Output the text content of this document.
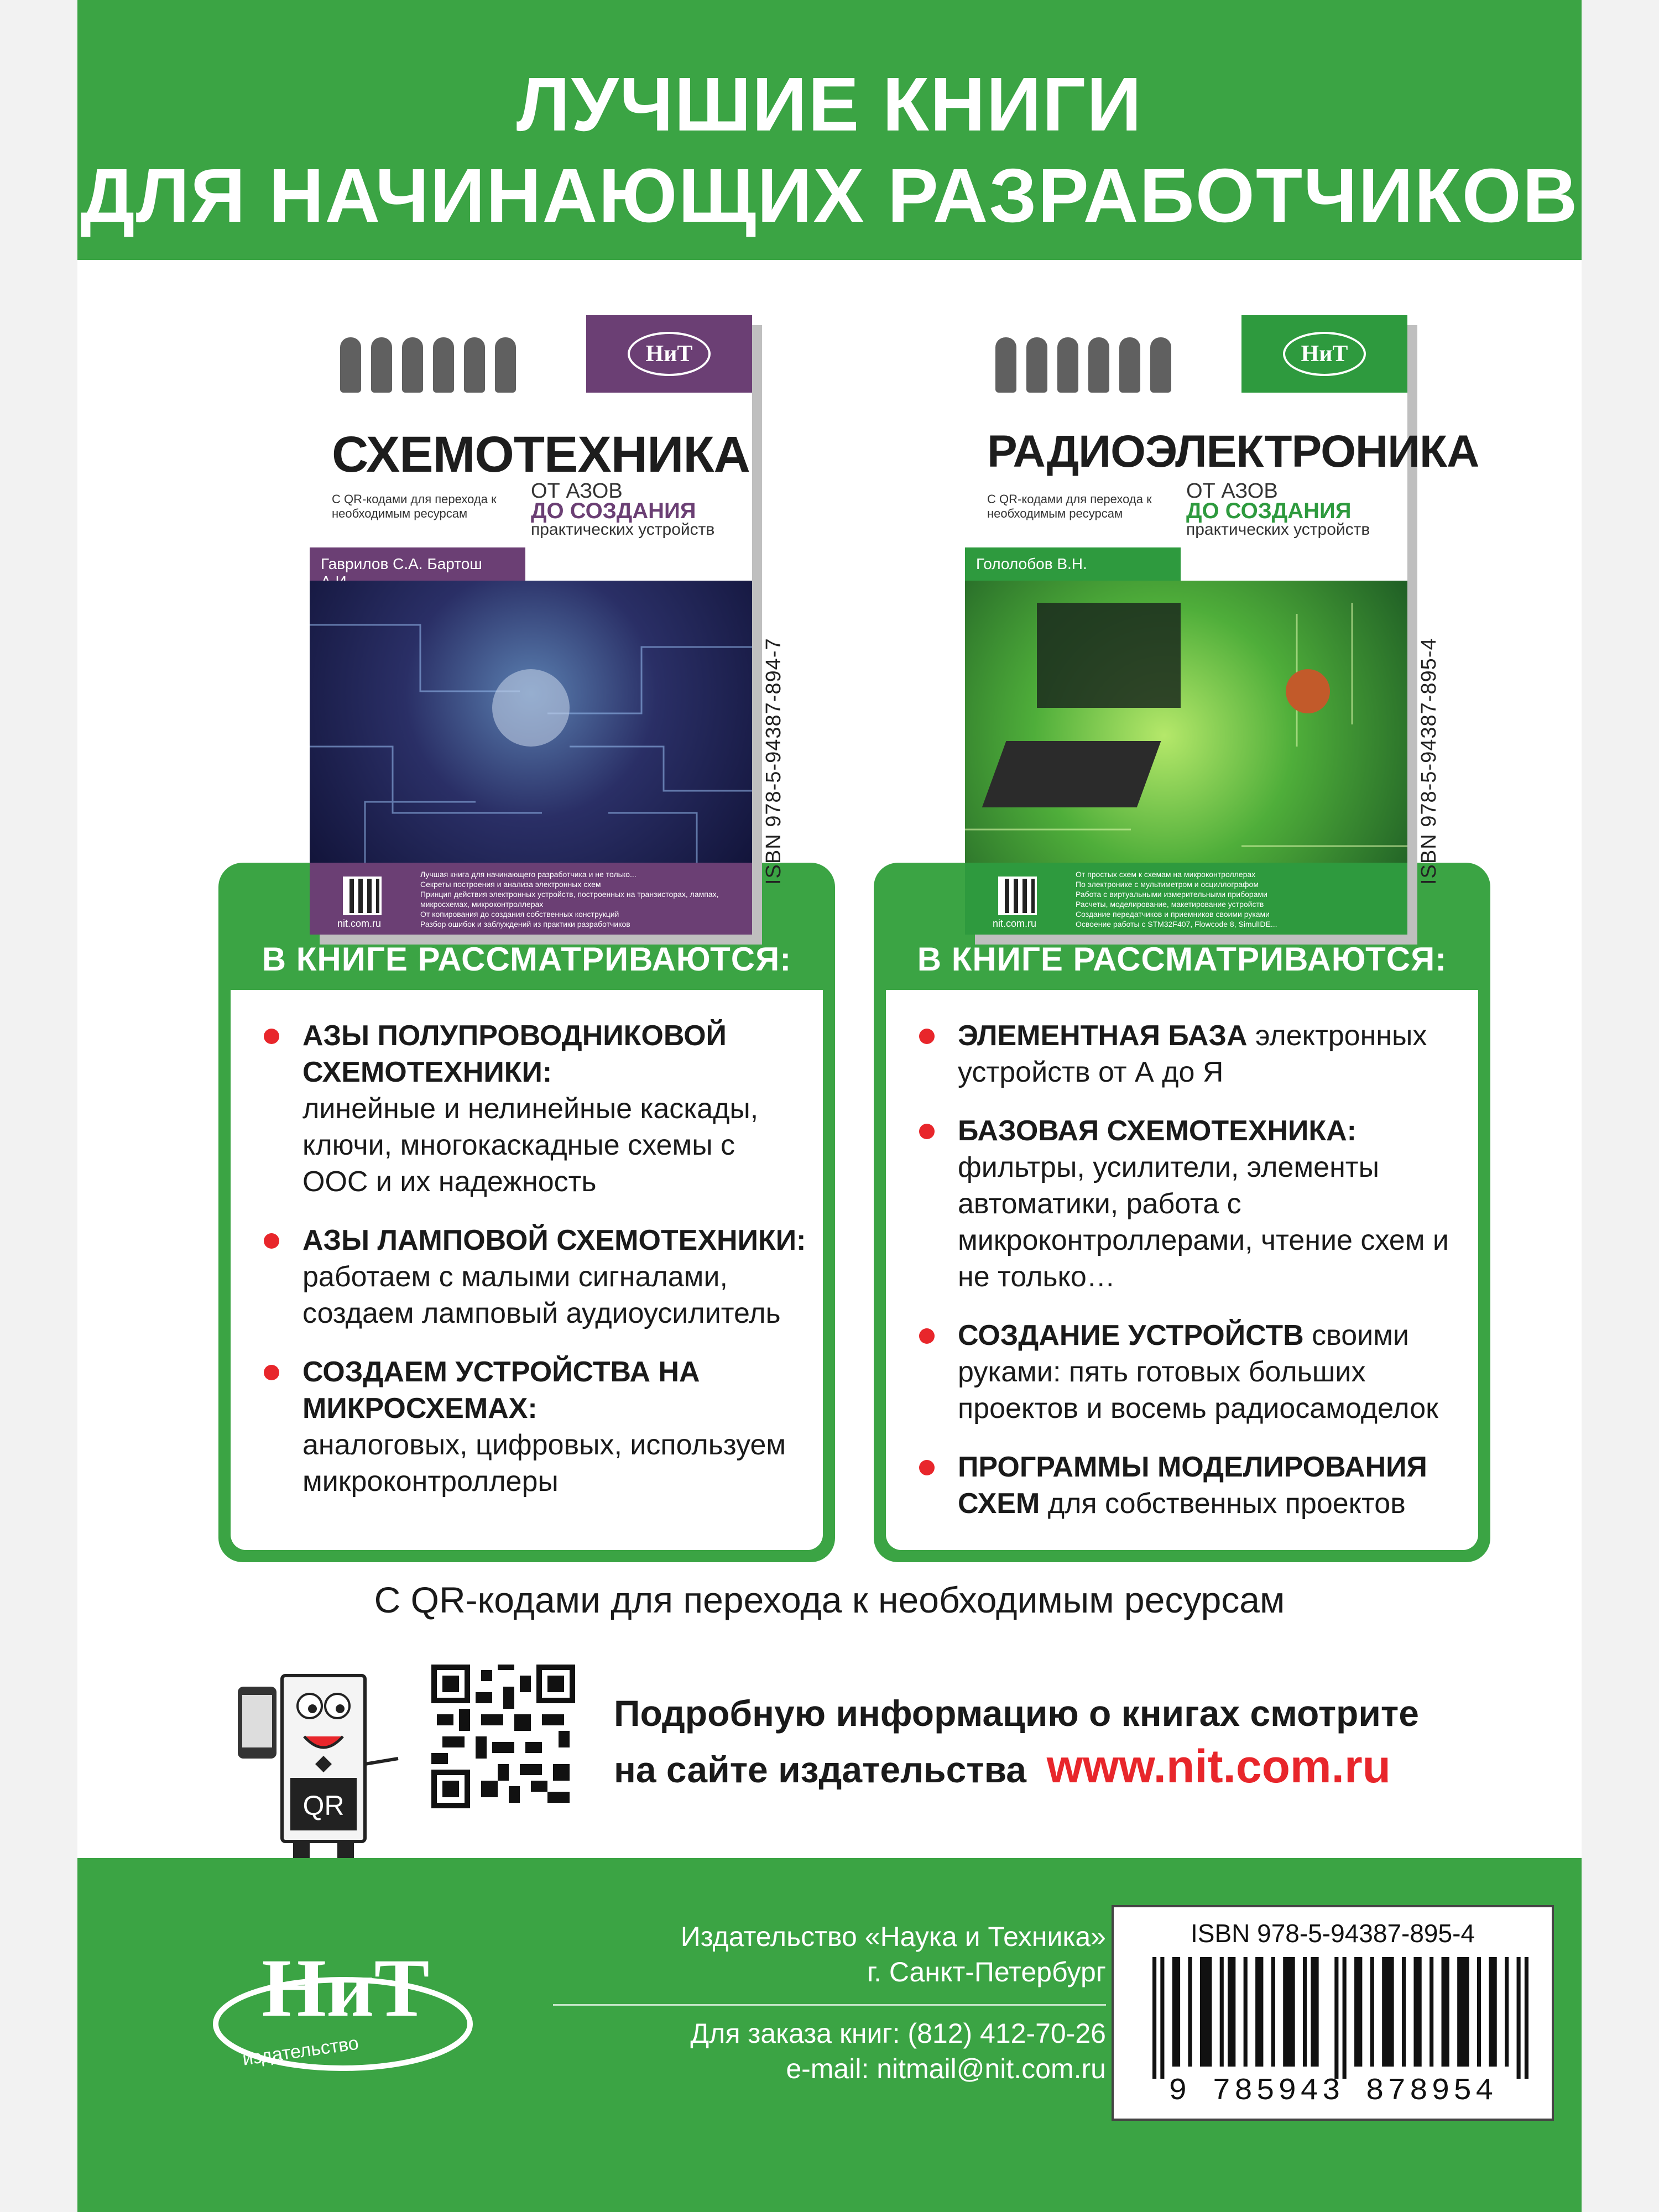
ЛУЧШИЕ КНИГИ
ДЛЯ НАЧИНАЮЩИХ РАЗРАБОТЧИКОВ
В КНИГЕ РАССМАТРИВАЮТСЯ:
АЗЫ ПОЛУПРОВОДНИКОВОЙ СХЕМОТЕХНИКИ:
линейные и нелинейные каскады, ключи, многокаскадные схемы с ООС и их надежность
АЗЫ ЛАМПОВОЙ СХЕМОТЕХНИКИ:
работаем с малыми сигналами, создаем ламповый аудиоусилитель
СОЗДАЕМ УСТРОЙСТВА НА МИКРОСХЕМАХ:
аналоговых, цифровых, используем микроконтроллеры
В КНИГЕ РАССМАТРИВАЮТСЯ:
ЭЛЕМЕНТНАЯ БАЗА электронных устройств от А до Я
БАЗОВАЯ СХЕМОТЕХНИКА:
фильтры, усилители, элементы автоматики, работа с микроконтроллерами, чтение схем и не только…
СОЗДАНИЕ УСТРОЙСТВ своими руками: пять готовых больших проектов и восемь радиосамоделок
ПРОГРАММЫ МОДЕЛИРОВАНИЯ СХЕМ для собственных проектов
НиТ
СХЕМОТЕХНИКА
С QR-кодами для перехода к необходимым ресурсам
ОТ АЗОВ
ДО СОЗДАНИЯ
практических устройств
Гаврилов С.А. Бартош
nit.com.ru
Лучшая книга для начинающего разработчика и не только...
Секреты построения и анализа электронных схем
Принцип действия электронных устройств, построенных на транзисторах, лампах, микросхемах, микроконтроллерах
От копирования до создания собственных конструкций
Разбор ошибок и заблуждений из практики разработчиков
ISBN 978-5-94387-894-7
НиТ
РАДИОЭЛЕКТРОНИКА
С QR-кодами для перехода к необходимым ресурсам
ОТ АЗОВ
ДО СОЗДАНИЯ
практических устройств
Гололобов В.Н.
nit.com.ru
От простых схем к схемам на микроконтроллерах
По электронике с мультиметром и осциллографом
Работа с виртуальными измерительными приборами
Расчеты, моделирование, макетирование устройств
Создание передатчиков и приемников своими руками
Освоение работы с STM32F407, Flowcode 8, SimulIDE...
ISBN 978-5-94387-895-4
С QR-кодами для перехода к необходимым ресурсам
QR
Подробную информацию о книгах смотрите
на сайте издательства www.nit.com.ru
НиТ
издательство
Издательство «Наука и Техника»
г. Санкт-Петербург
Для заказа книг: (812) 412-70-26
e-mail: nitmail@nit.com.ru
ISBN 978-5-94387-895-4
9 785943 878954
